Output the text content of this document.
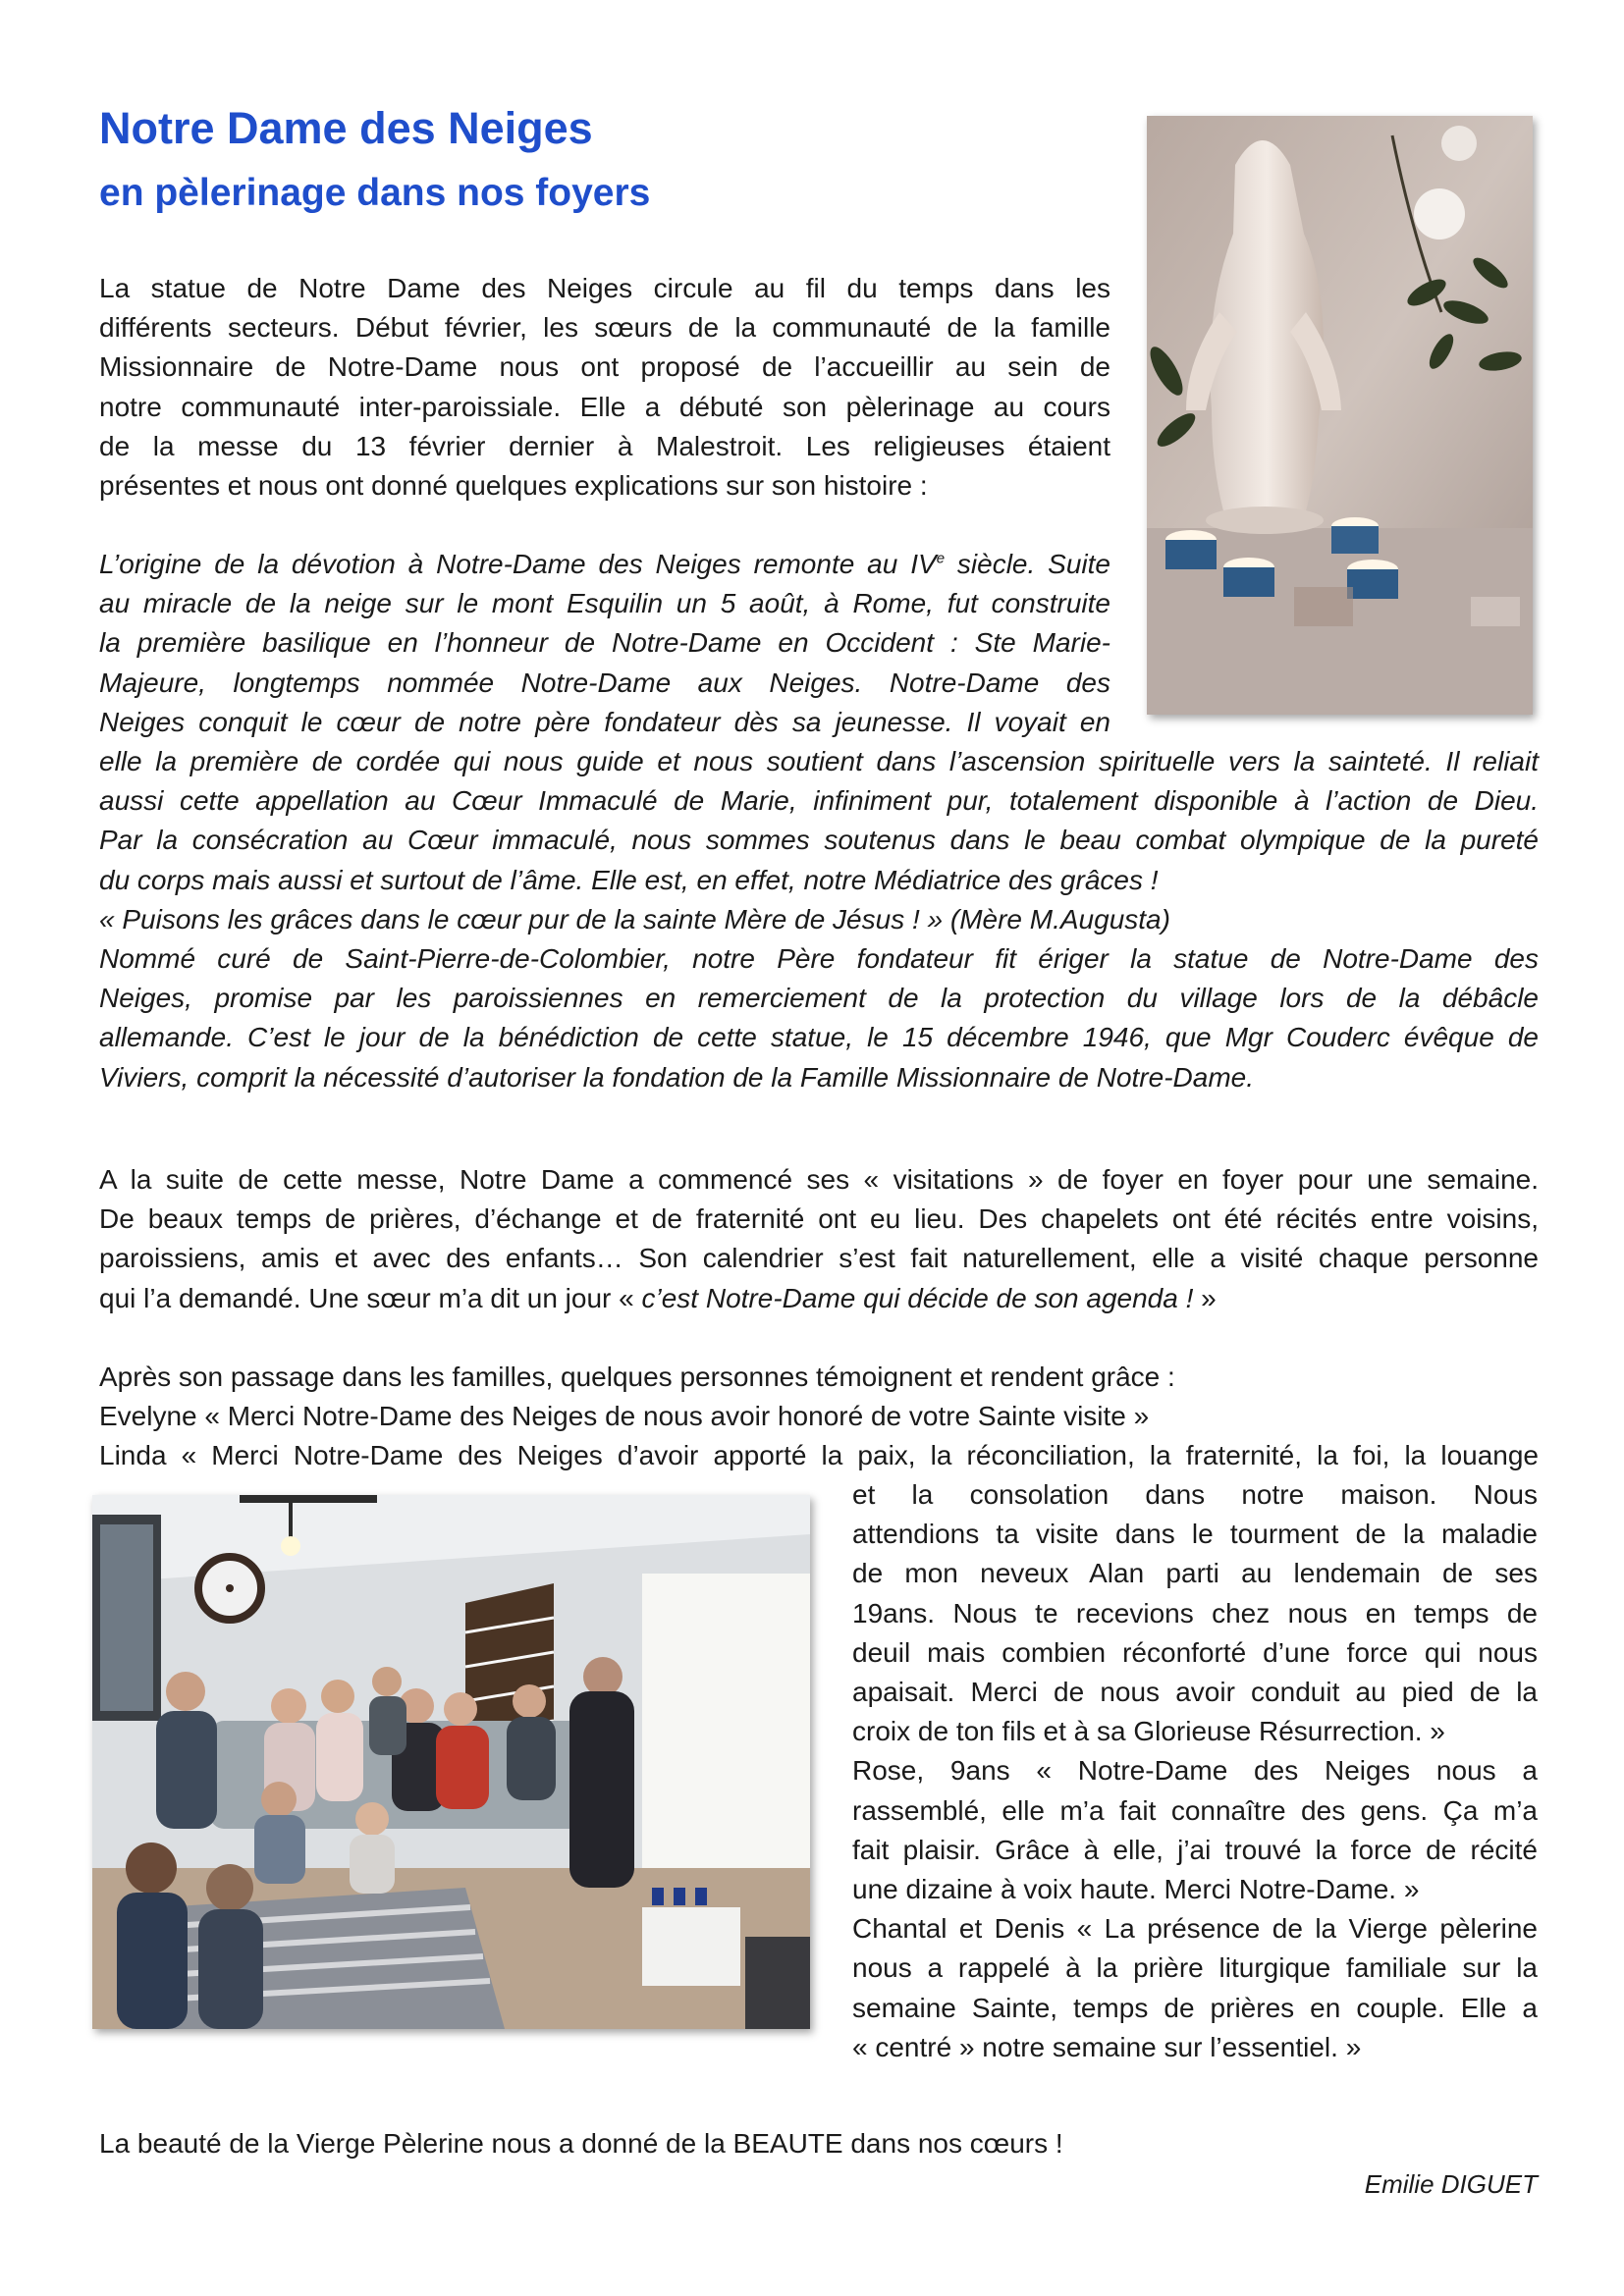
Notre Dame des Neiges
en pèlerinage dans nos foyers
La statue de Notre Dame des Neiges circule au fil du temps dans les
différents secteurs. Début février, les sœurs de la communauté de la famille
Missionnaire de Notre-Dame nous ont proposé de l’accueillir au sein de
notre communauté inter-paroissiale. Elle a débuté son pèlerinage au cours
de la messe du 13 février dernier à Malestroit. Les religieuses étaient
présentes et nous ont donné quelques explications sur son histoire :
L’origine de la dévotion à Notre-Dame des Neiges remonte au IVe siècle. Suite
au miracle de la neige sur le mont Esquilin un 5 août, à Rome, fut construite
la première basilique en l’honneur de Notre-Dame en Occident : Ste Marie-
Majeure, longtemps nommée Notre-Dame aux Neiges. Notre-Dame des
Neiges conquit le cœur de notre père fondateur dès sa jeunesse. Il voyait en
elle la première de cordée qui nous guide et nous soutient dans l’ascension spirituelle vers la sainteté. Il reliait
aussi cette appellation au Cœur Immaculé de Marie, infiniment pur, totalement disponible à l’action de Dieu.
Par la consécration au Cœur immaculé, nous sommes soutenus dans le beau combat olympique de la pureté
du corps mais aussi et surtout de l’âme. Elle est, en effet, notre Médiatrice des grâces !
« Puisons les grâces dans le cœur pur de la sainte Mère de Jésus ! » (Mère M.Augusta)
Nommé curé de Saint-Pierre-de-Colombier, notre Père fondateur fit ériger la statue de Notre-Dame des
Neiges, promise par les paroissiennes en remerciement de la protection du village lors de la débâcle
allemande. C’est le jour de la bénédiction de cette statue, le 15 décembre 1946, que Mgr Couderc évêque de
Viviers, comprit la nécessité d’autoriser la fondation de la Famille Missionnaire de Notre-Dame.
A la suite de cette messe, Notre Dame a commencé ses « visitations » de foyer en foyer pour une semaine.
De beaux temps de prières, d’échange et de fraternité ont eu lieu. Des chapelets ont été récités entre voisins,
paroissiens, amis et avec des enfants… Son calendrier s’est fait naturellement, elle a visité chaque personne
qui l’a demandé. Une sœur m’a dit un jour « c’est Notre-Dame qui décide de son agenda ! »
Après son passage dans les familles, quelques personnes témoignent et rendent grâce :
Evelyne « Merci Notre-Dame des Neiges de nous avoir honoré de votre Sainte visite »
Linda « Merci Notre-Dame des Neiges d’avoir apporté la paix, la réconciliation, la fraternité, la foi, la louange
et la consolation dans notre maison. Nous
attendions ta visite dans le tourment de la maladie
de mon neveux Alan parti au lendemain de ses
19ans. Nous te recevions chez nous en temps de
deuil mais combien réconforté d’une force qui nous
apaisait. Merci de nous avoir conduit au pied de la
croix de ton fils et à sa Glorieuse Résurrection. »
Rose, 9ans « Notre-Dame des Neiges nous a
rassemblé, elle m’a fait connaître des gens. Ça m’a
fait plaisir. Grâce à elle, j’ai trouvé la force de récité
une dizaine à voix haute. Merci Notre-Dame. »
Chantal et Denis « La présence de la Vierge pèlerine
nous a rappelé à la prière liturgique familiale sur la
semaine Sainte, temps de prières en couple. Elle a
« centré » notre semaine sur l’essentiel. »
La beauté de la Vierge Pèlerine nous a donné de la BEAUTE dans nos cœurs !
Emilie DIGUET
